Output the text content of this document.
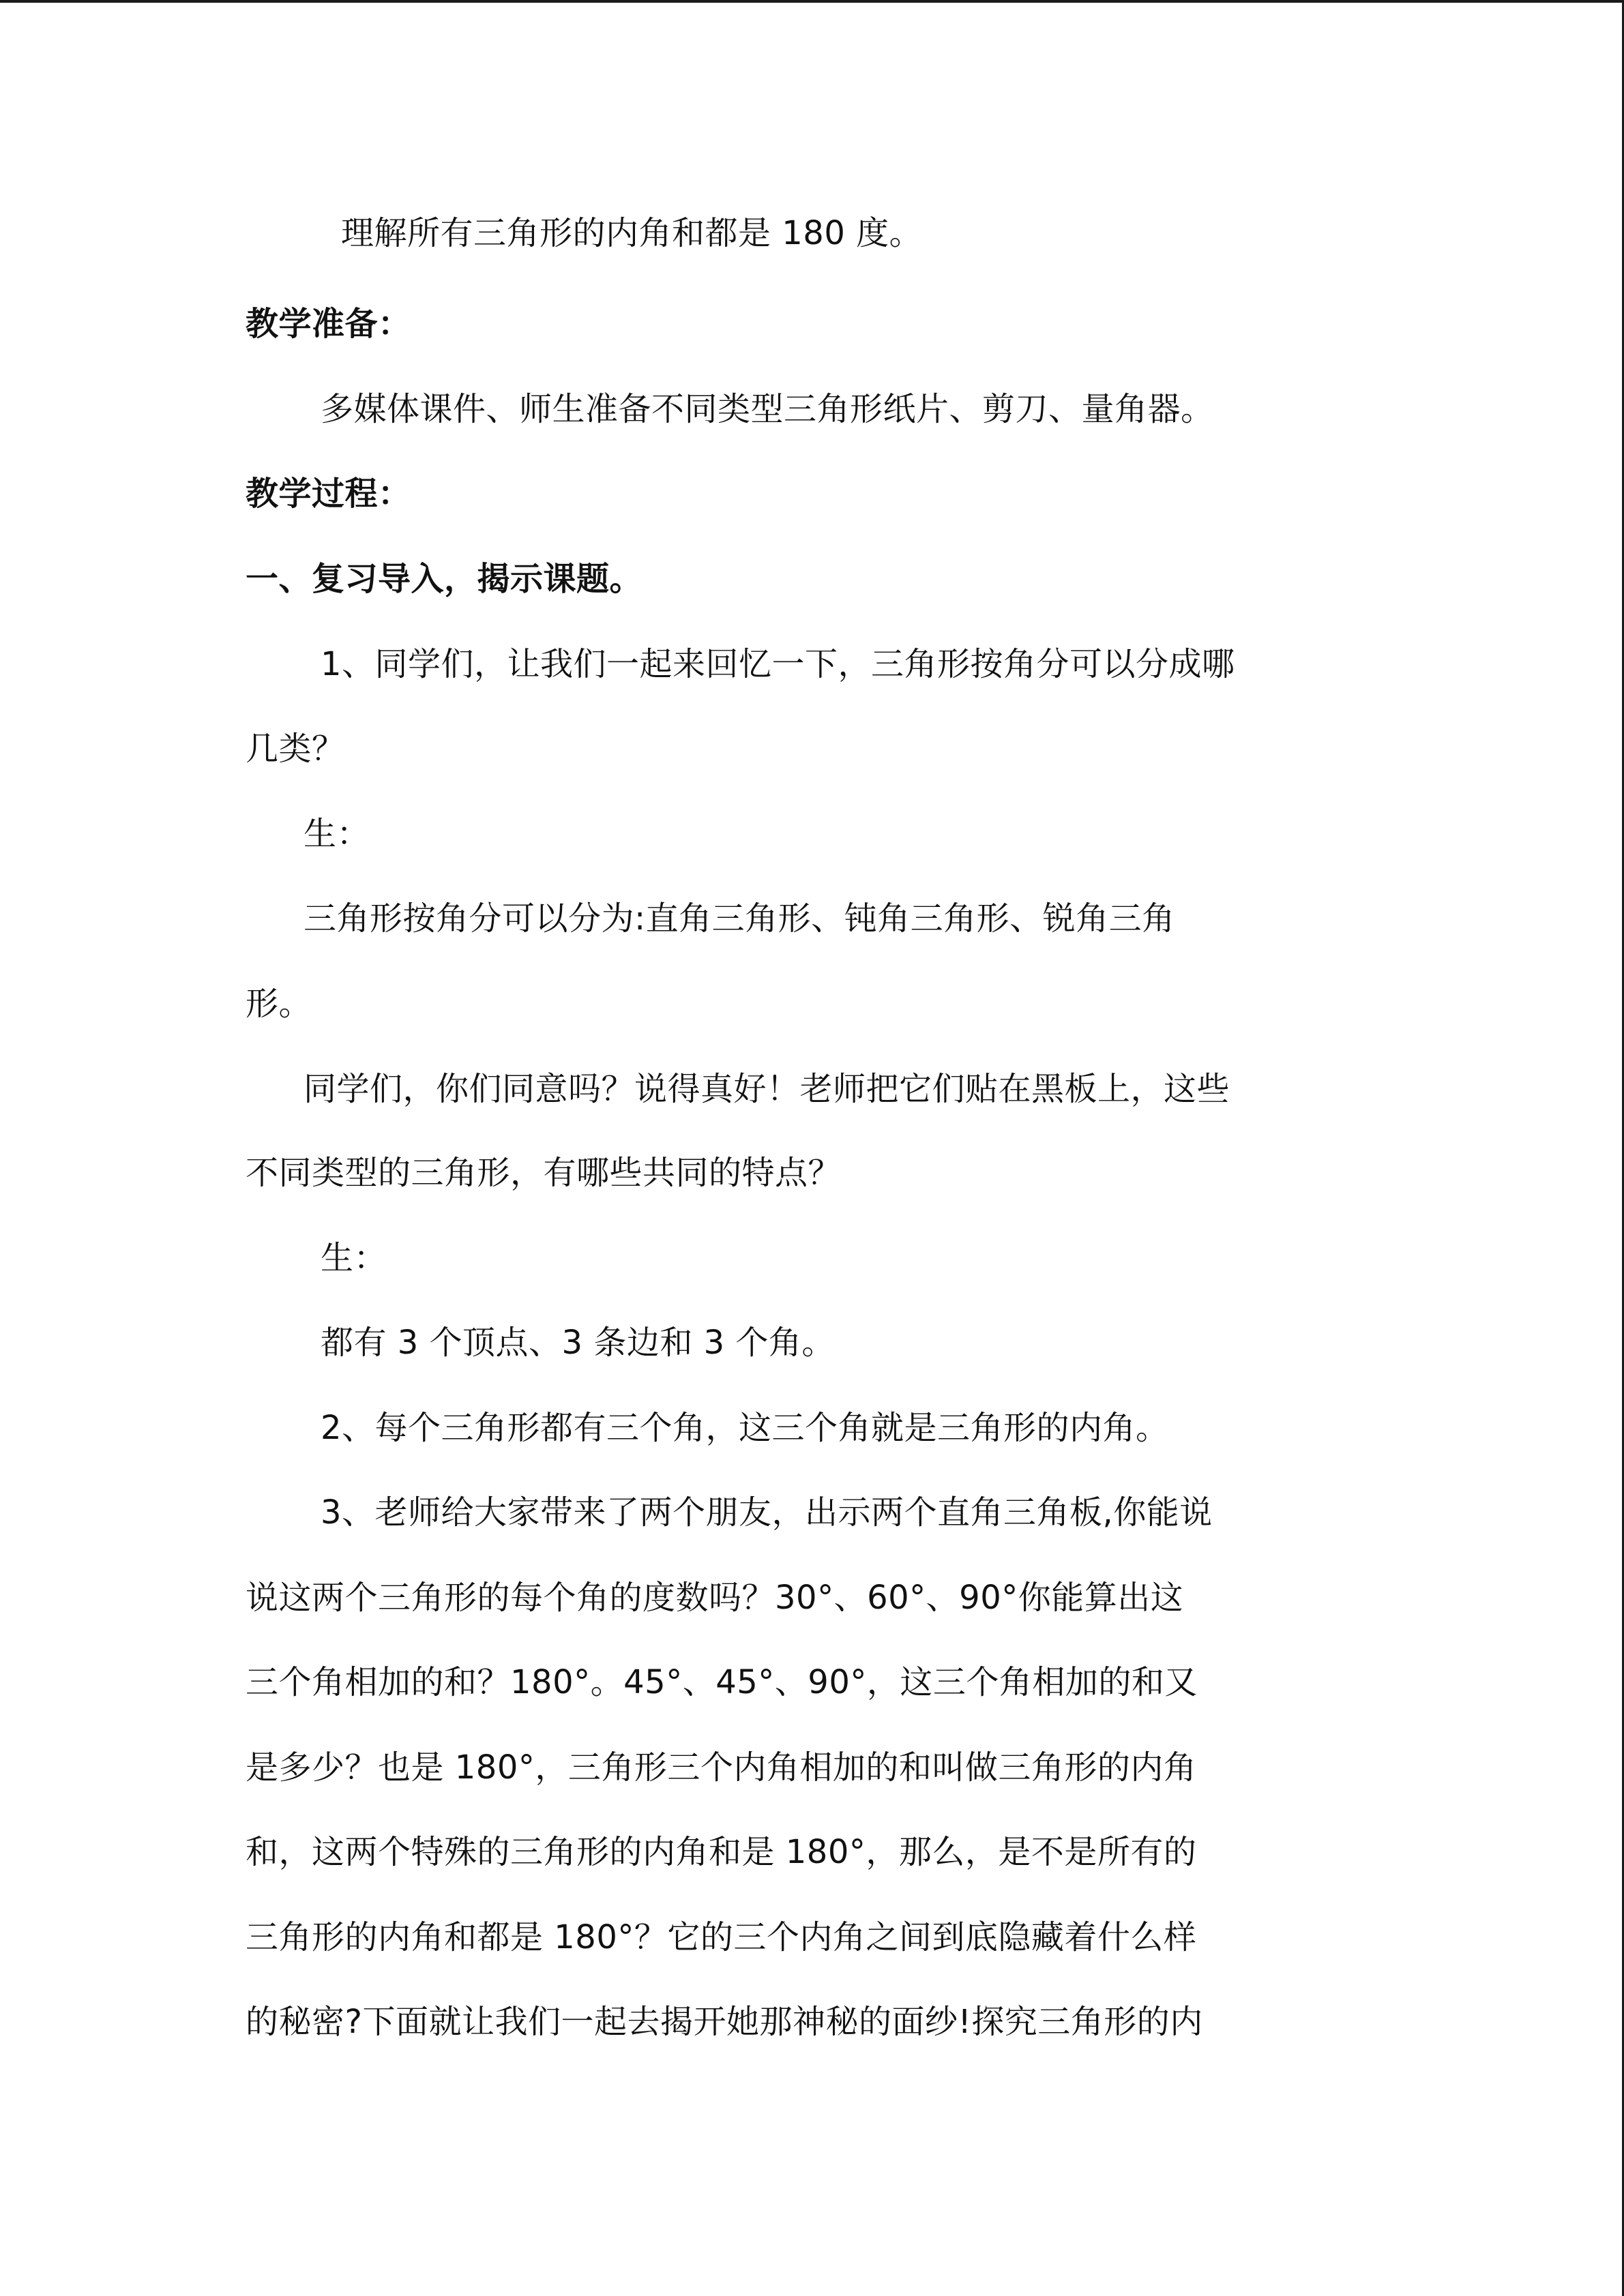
理解所有三角形的内角和都是 180 度。
教学准备：
多媒体课件、师生准备不同类型三角形纸片、剪刀、量角器。
教学过程：
一、复习导入，揭示课题。
1、同学们，让我们一起来回忆一下，三角形按角分可以分成哪
几类？
生：
三角形按角分可以分为:直角三角形、钝角三角形、锐角三角
形。
同学们，你们同意吗？说得真好！老师把它们贴在黑板上，这些
不同类型的三角形，有哪些共同的特点？
生：
都有 3 个顶点、3 条边和 3 个角。
2、每个三角形都有三个角，这三个角就是三角形的内角。
3、老师给大家带来了两个朋友，出示两个直角三角板,你能说
说这两个三角形的每个角的度数吗？30°、60°、90°你能算出这
三个角相加的和？180°。45°、45°、90°，这三个角相加的和又
是多少？也是 180°，三角形三个内角相加的和叫做三角形的内角
和，这两个特殊的三角形的内角和是 180°，那么，是不是所有的
三角形的内角和都是 180°？它的三个内角之间到底隐藏着什么样
的秘密?下面就让我们一起去揭开她那神秘的面纱!探究三角形的内
